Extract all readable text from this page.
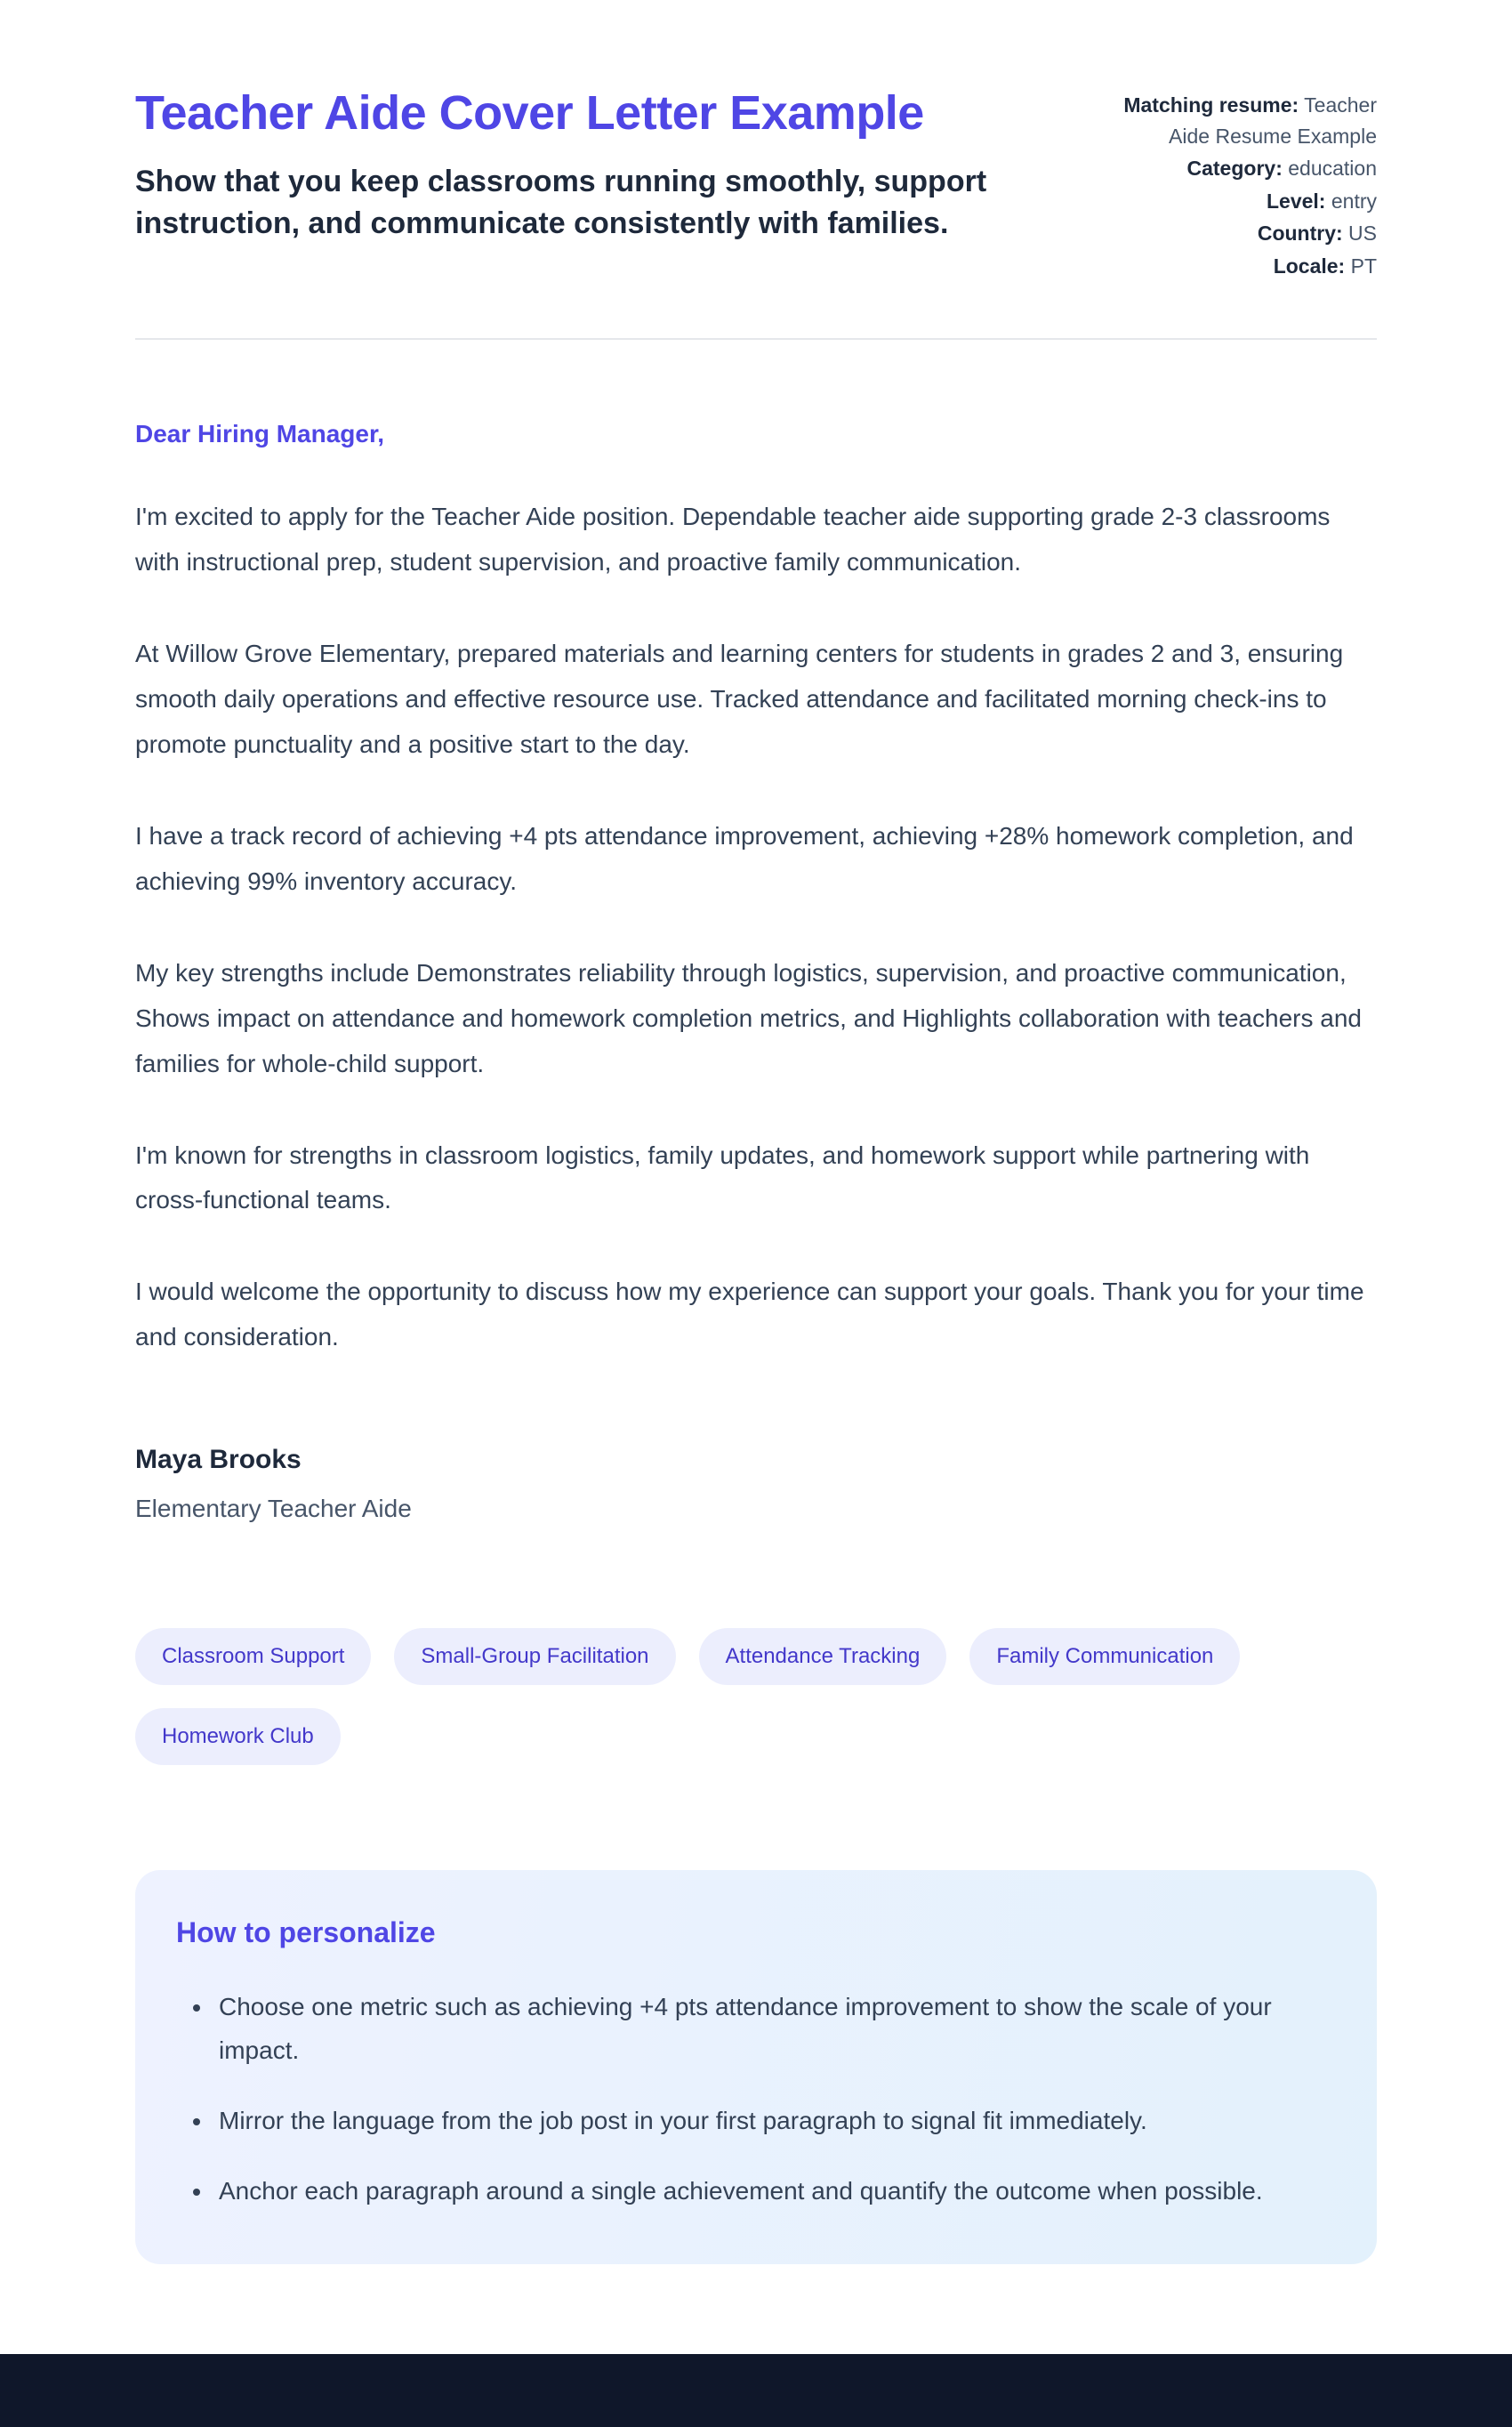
Teacher Aide Cover Letter Example
Show that you keep classrooms running smoothly, support instruction, and communicate consistently with families.
Matching resume: Teacher Aide Resume Example
Category: education
Level: entry
Country: US
Locale: PT

Dear Hiring Manager,

I'm excited to apply for the Teacher Aide position. Dependable teacher aide supporting grade 2-3 classrooms with instructional prep, student supervision, and proactive family communication.

At Willow Grove Elementary, prepared materials and learning centers for students in grades 2 and 3, ensuring smooth daily operations and effective resource use. Tracked attendance and facilitated morning check-ins to promote punctuality and a positive start to the day.

I have a track record of achieving +4 pts attendance improvement, achieving +28% homework completion, and achieving 99% inventory accuracy.

My key strengths include Demonstrates reliability through logistics, supervision, and proactive communication, Shows impact on attendance and homework completion metrics, and Highlights collaboration with teachers and families for whole-child support.

I'm known for strengths in classroom logistics, family updates, and homework support while partnering with cross-functional teams.

I would welcome the opportunity to discuss how my experience can support your goals. Thank you for your time and consideration.

Maya Brooks

Elementary Teacher Aide

Classroom Support	Small-Group Facilitation	Attendance Tracking	Family Communication
Homework Club
How to personalize
• Choose one metric such as achieving +4 pts attendance improvement to show the scale of your impact.
• Mirror the language from the job post in your first paragraph to signal fit immediately.
• Anchor each paragraph around a single achievement and quantify the outcome when possible.
